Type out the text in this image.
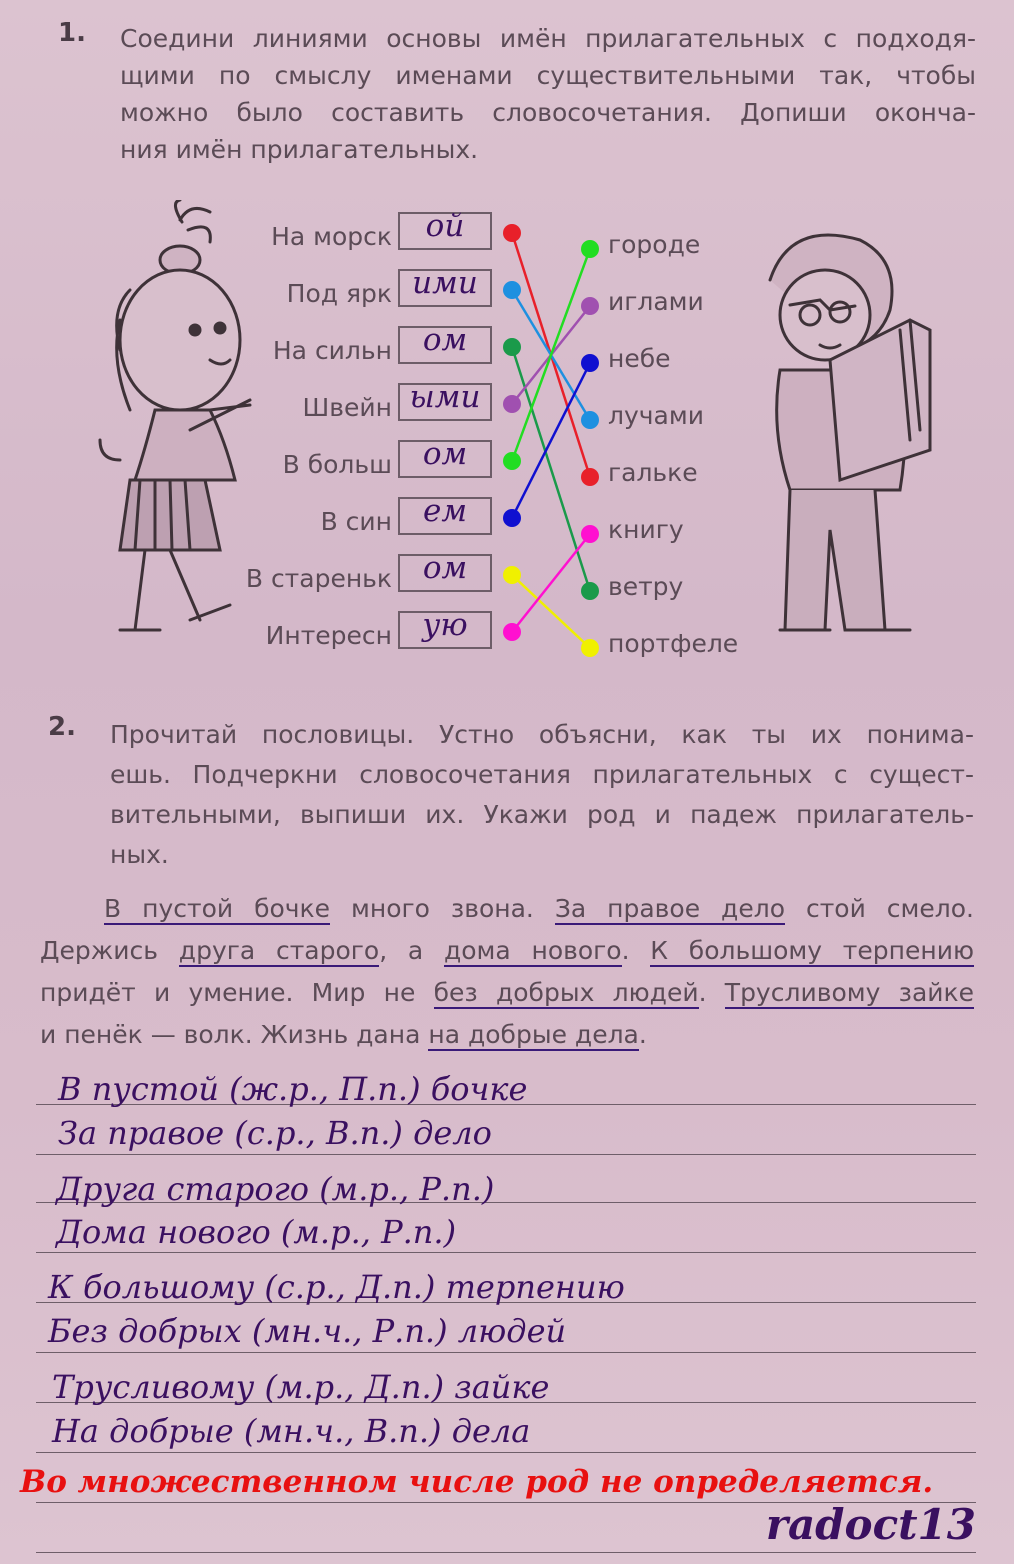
1. Соедини линиями основы имён прилагательных с подходя-
щими по смыслу именами существительными так, чтобы
можно было составить словосочетания. Допиши оконча-
ния имён прилагательных.
На морск
Под ярк
На сильн
Швейн
В больш
В син
В стареньк
Интересн
ой
ими
ом
ыми
ом
ем
ом
ую
городе
иглами
небе
лучами
гальке
книгу
ветру
портфеле
2. Прочитай пословицы. Устно объясни, как ты их понима-
ешь. Подчеркни словосочетания прилагательных с сущест-
вительными, выпиши их. Укажи род и падеж прилагатель-
ных.
В пустой бочке много звона. За правое дело стой смело.
Держись друга старого, а дома нового. К большому терпению
придёт и умение. Мир не без добрых людей. Трусливому зайке
и пенёк — волк. Жизнь дана на добрые дела.
В пустой (ж.р., П.п.) бочке
За правое (с.р., В.п.) дело
Друга старого (м.р., Р.п.)
Дома нового (м.р., Р.п.)
К большому (с.р., Д.п.) терпению
Без добрых (мн.ч., Р.п.) людей
Трусливому (м.р., Д.п.) зайке
На добрые (мн.ч., В.п.) дела
Во множественном числе род не определяется.
radoct13
